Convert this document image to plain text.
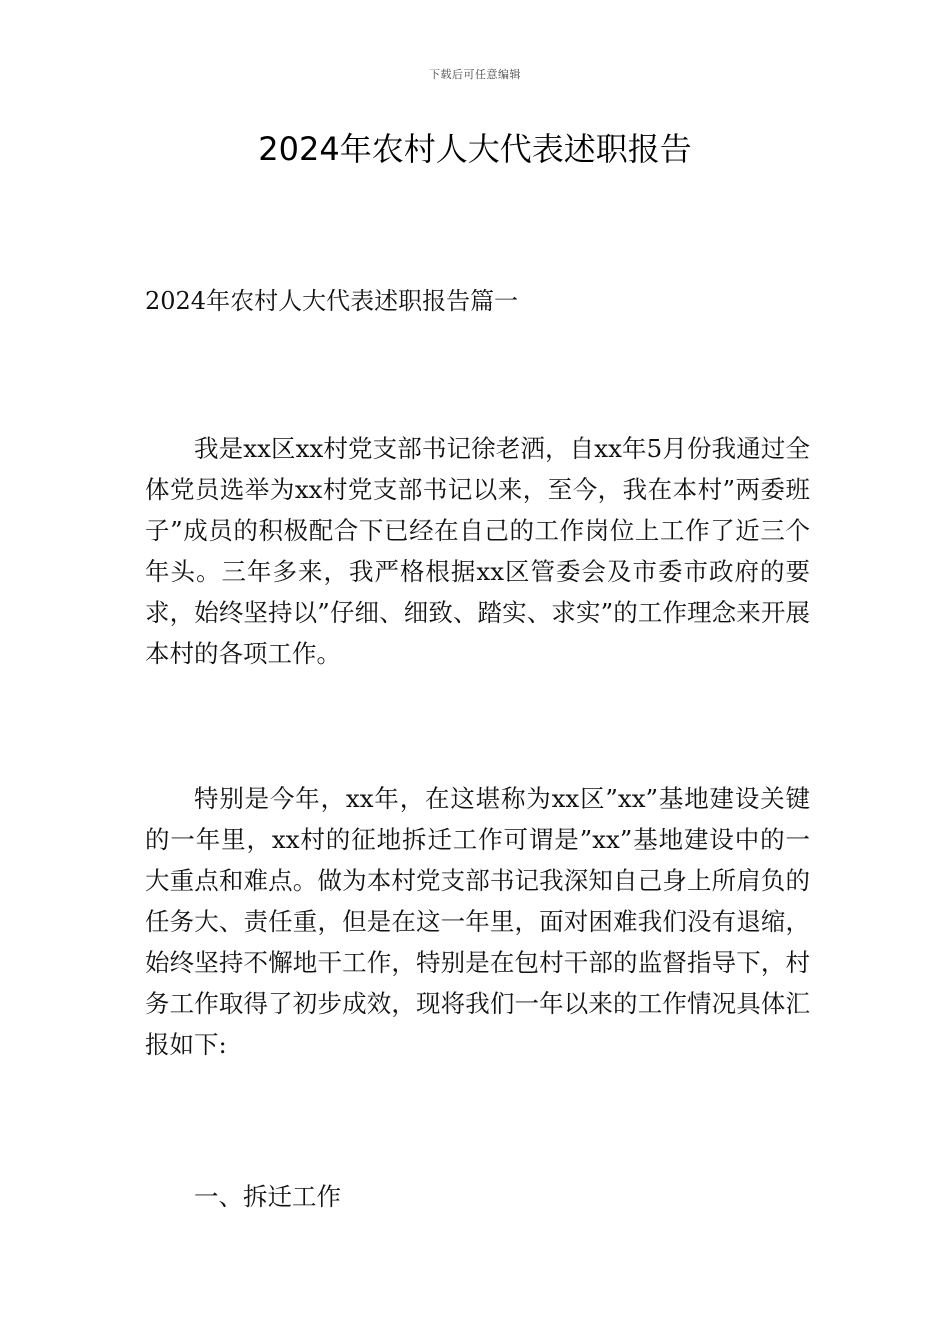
下载后可任意编辑
2024年农村人大代表述职报告
2024年农村人大代表述职报告篇一

我是xx区xx村党支部书记徐老洒，自xx年5月份我通过全体党员选举为xx村党支部书记以来，至今，我在本村”两委班子”成员的积极配合下已经在自己的工作岗位上工作了近三个年头。三年多来，我严格根据xx区管委会及市委市政府的要求，始终坚持以”仔细、细致、踏实、求实”的工作理念来开展本村的各项工作。

特别是今年，xx年，在这堪称为xx区”xx”基地建设关键的一年里，xx村的征地拆迁工作可谓是”xx”基地建设中的一大重点和难点。做为本村党支部书记我深知自己身上所肩负的任务大、责任重，但是在这一年里，面对困难我们没有退缩，始终坚持不懈地干工作，特别是在包村干部的监督指导下，村务工作取得了初步成效，现将我们一年以来的工作情况具体汇报如下:

一、拆迁工作
